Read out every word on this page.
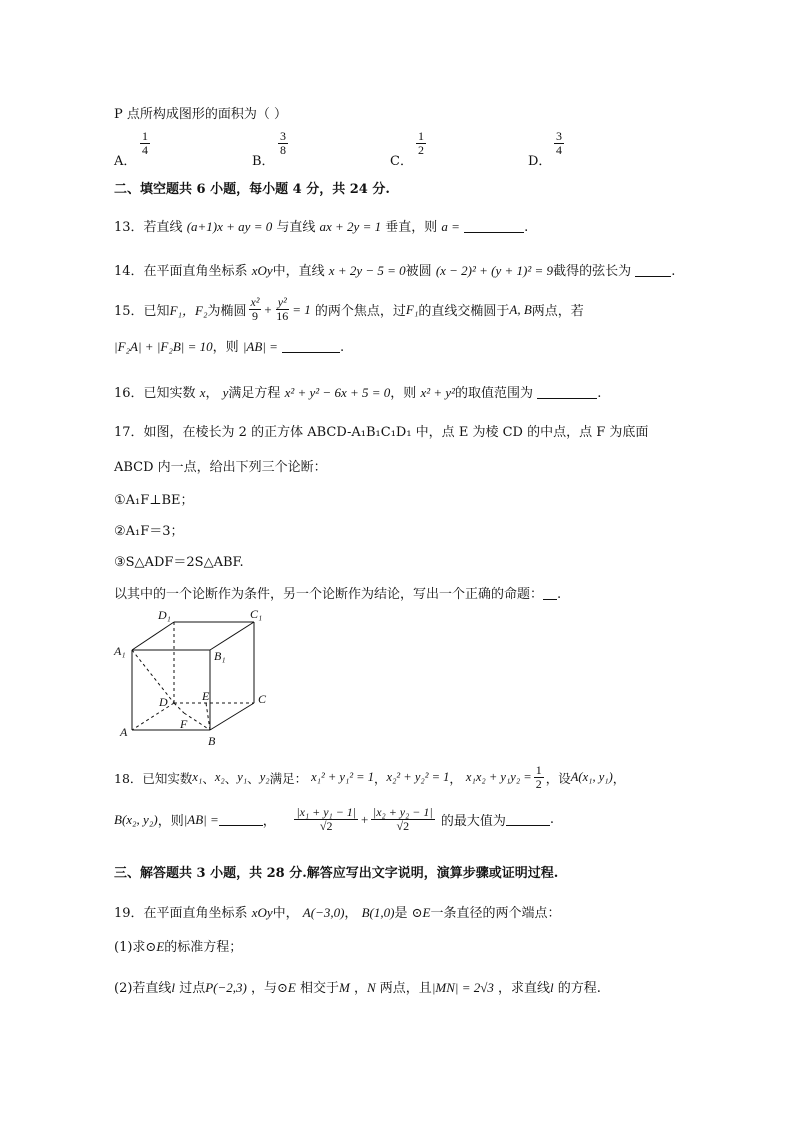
P 点所构成图形的面积为（ ）
A．
$\frac{1}{4}$
B．
$\frac{3}{8}$
C．
$\frac{1}{2}$
D．
$\frac{3}{4}$
二、填空题共 6 小题，每小题 4 分，共 24 分.
13．若直线 (a+1)x + ay = 0 与直线 ax + 2y = 1 垂直，则 a =	.
14．在平面直角坐标系 xOy中，直线 x + 2y − 5 = 0被圆 (x − 2)² + (y + 1)² = 9截得的弦长为	.
15． 已知 F₁，F₂ 为椭圆 $\frac{\text{x²}}{9} + \frac{\text{y²}}{16} = 1$
的两个焦点，过 F₁ 的直线交椭圆于 A, B 两点，若
|F₂A| + |F₂B| = 10，则 |AB| =	.
16．已知实数 x， y满足方程 x² + y² − 6x + 5 = 0，则 x² + y²的取值范围为	.
17．如图，在棱长为 2 的正方体 ABCD-A₁B₁C₁D₁ 中，点 E 为棱 CD 的中点，点 F 为底面
ABCD 内一点，给出下列三个论断：
①A₁F⊥BE；
②A₁F＝3；
③S△ADF＝2S△ABF.
以其中的一个论断作为条件，另一个论断作为结论，写出一个正确的命题： .
D₁	C₁
A₁	B₁
D	E	C
F
A
B
18． 已知实数 x₁ 、 x₂ 、 y₁ 、 y₂ 满足：
x₁² + y₁² = 1 ， x₂² + y₂² = 1 ，
$x_1x_2 + y_1y_2 = \frac{1}{2}$ ，设 A(x₁, y₁) ，
B(x₂, y₂) ，则 |AB| =	，
$\frac{\text{|x₁ + y₁ − 1|}}{√2} + \frac{\text{|x₂ + y₂ − 1|}}{√2}$
的最大值为	.
三、解答题共 3 小题，共 28 分.解答应写出文字说明，演算步骤或证明过程.
19．在平面直角坐标系 xOy中， A(−3,0)， B(1,0)是 ⊙E一条直径的两个端点：
(1)求⊙E的标准方程；
(2)若直线l 过点P(−2,3) ，与⊙E 相交于M ，N 两点，且|MN| = 2√3 ，求直线l 的方程.
